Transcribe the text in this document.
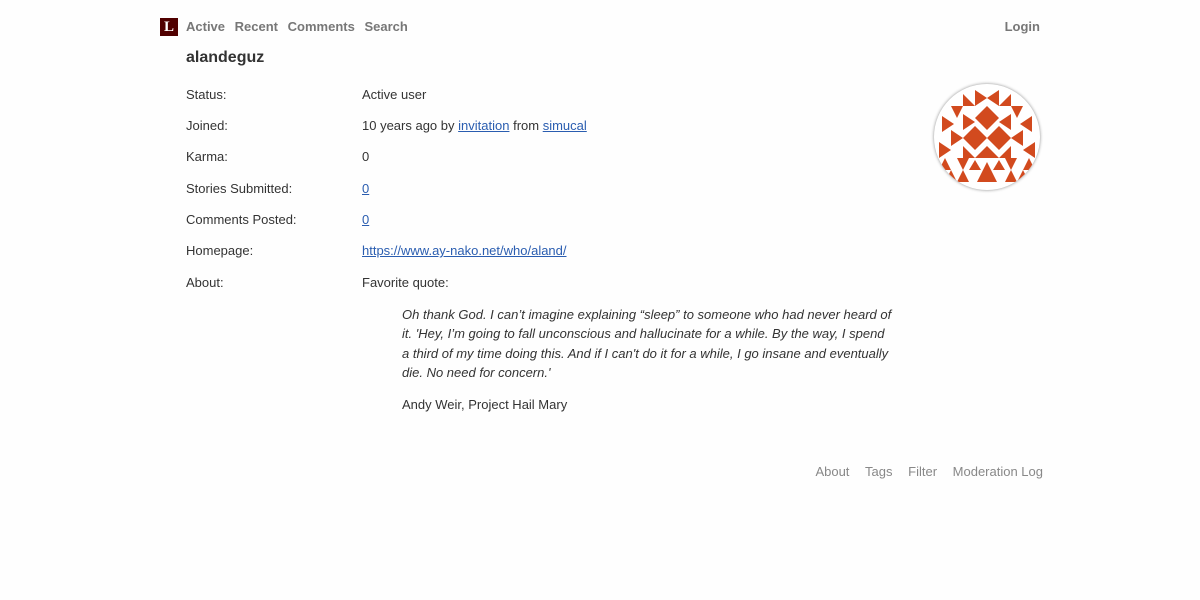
L Active Recent Comments Search	Login
alandeguz
Status:	Active user
Joined:	10 years ago by invitation from simucal
Karma:	0
Stories Submitted:	0
Comments Posted:	0
Homepage:	https://www.ay-nako.net/who/aland/
About:	Favorite quote:
Oh thank God. I can’t imagine explaining “sleep” to someone who had never heard of it. 'Hey, I’m going to fall unconscious and hallucinate for a while. By the way, I spend a third of my time doing this. And if I can't do it for a while, I go insane and eventually die. No need for concern.'
Andy Weir, Project Hail Mary
About Tags Filter Moderation Log
